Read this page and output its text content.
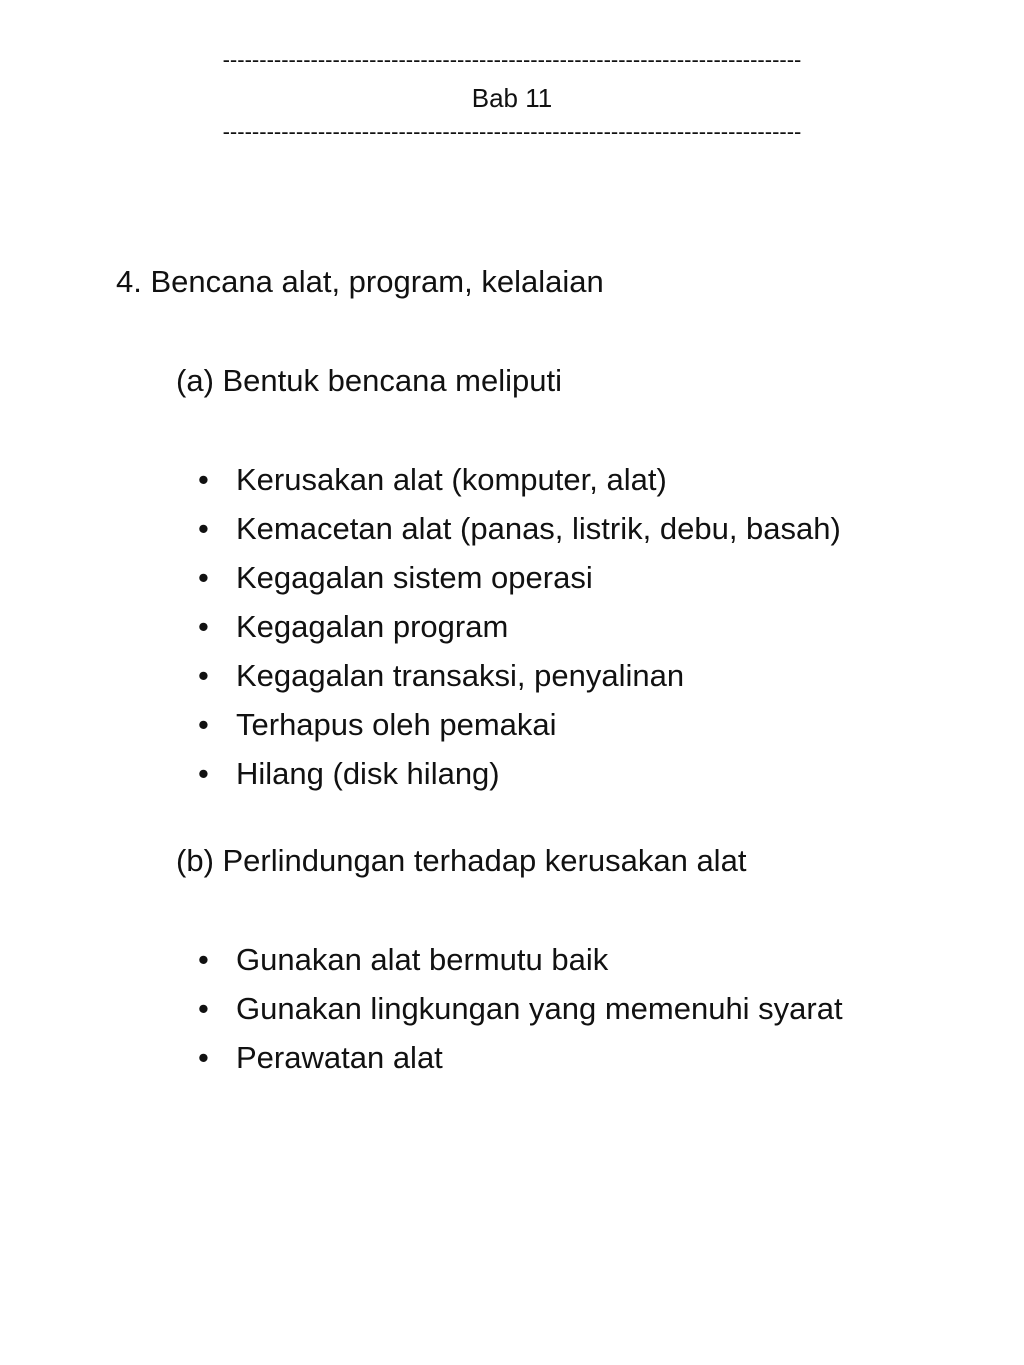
-------------------------------------------------------------------------------
Bab 11
-------------------------------------------------------------------------------
4. Bencana alat, program, kelalaian
(a) Bentuk bencana meliputi
• Kerusakan alat (komputer, alat)
• Kemacetan alat (panas, listrik, debu, basah)
• Kegagalan sistem operasi
• Kegagalan program
• Kegagalan transaksi, penyalinan
• Terhapus oleh pemakai
• Hilang (disk hilang)
(b) Perlindungan terhadap kerusakan alat
• Gunakan alat bermutu baik
• Gunakan lingkungan yang memenuhi syarat
• Perawatan alat
